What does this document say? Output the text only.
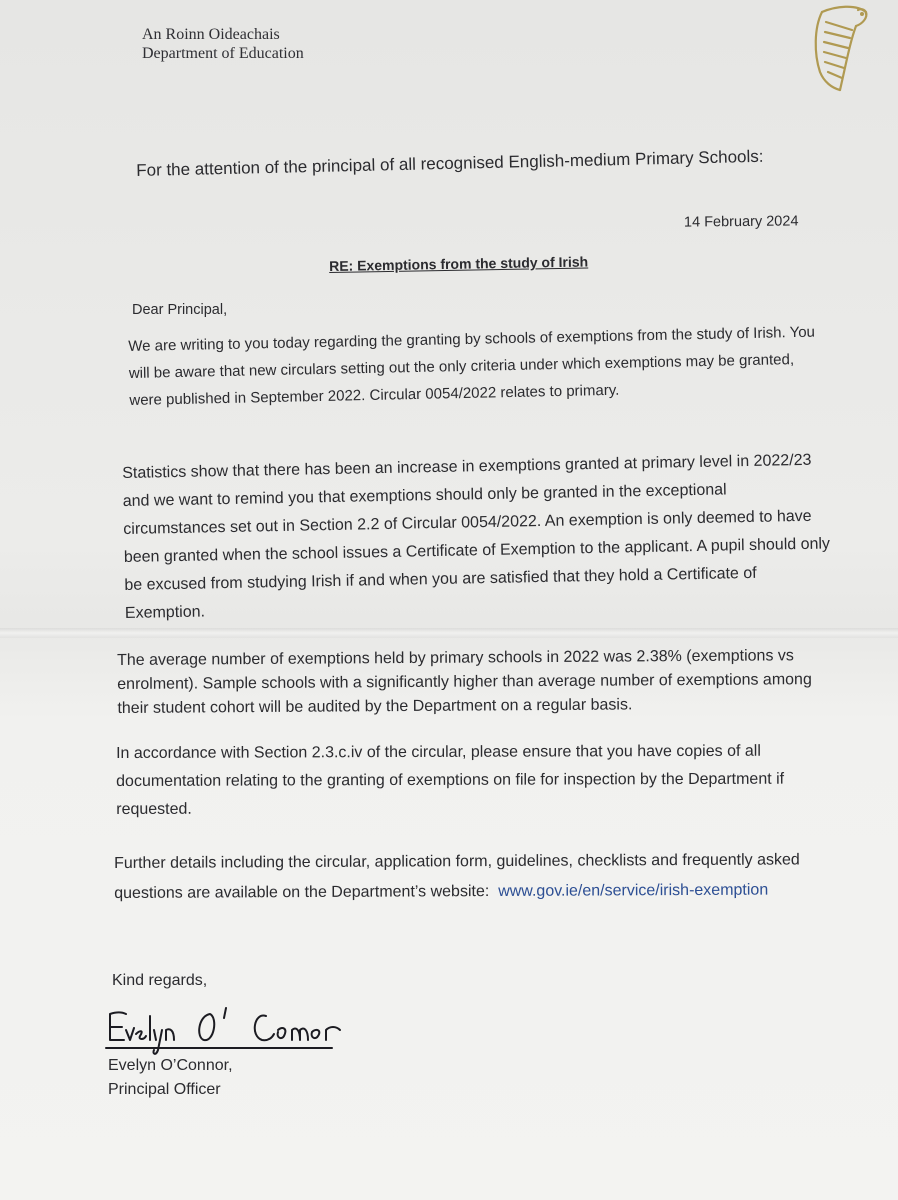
An Roinn Oideachais
Department of Education
For the attention of the principal of all recognised English-medium Primary Schools:
14 February 2024
RE: Exemptions from the study of Irish
Dear Principal,
We are writing to you today regarding the granting by schools of exemptions from the study of Irish. You will be aware that new circulars setting out the only criteria under which exemptions may be granted, were published in September 2022. Circular 0054/2022 relates to primary.
Statistics show that there has been an increase in exemptions granted at primary level in 2022/23 and we want to remind you that exemptions should only be granted in the exceptional circumstances set out in Section 2.2 of Circular 0054/2022. An exemption is only deemed to have been granted when the school issues a Certificate of Exemption to the applicant. A pupil should only be excused from studying Irish if and when you are satisfied that they hold a Certificate of Exemption.
The average number of exemptions held by primary schools in 2022 was 2.38% (exemptions vs enrolment). Sample schools with a significantly higher than average number of exemptions among their student cohort will be audited by the Department on a regular basis.
In accordance with Section 2.3.c.iv of the circular, please ensure that you have copies of all documentation relating to the granting of exemptions on file for inspection by the Department if requested.
Further details including the circular, application form, guidelines, checklists and frequently asked questions are available on the Department’s website: www.gov.ie/en/service/irish-exemption
Kind regards,
Evelyn O’Connor,
Principal Officer
